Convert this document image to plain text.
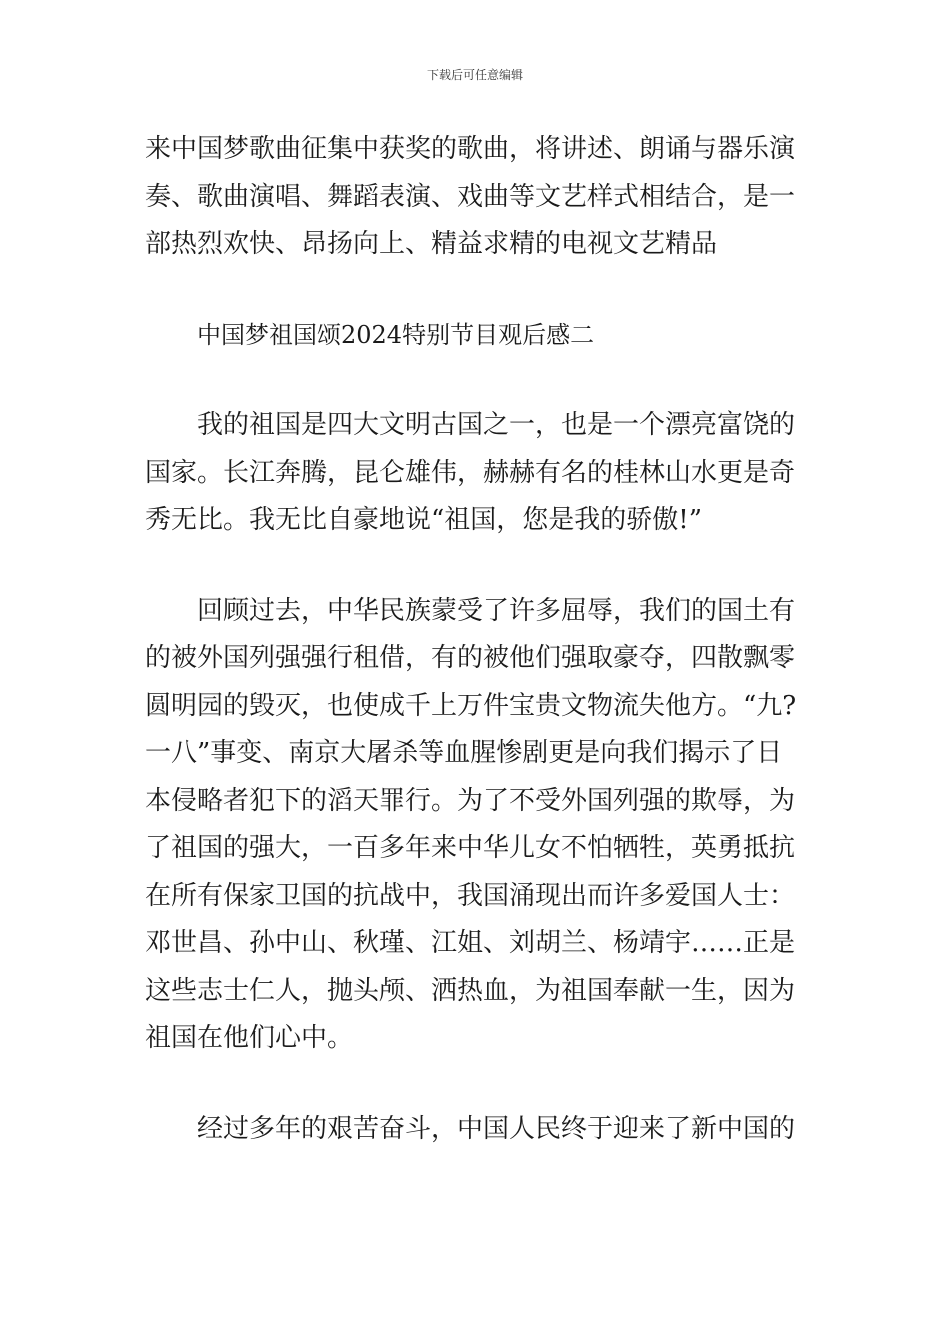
下载后可任意编辑
来中国梦歌曲征集中获奖的歌曲，将讲述、朗诵与器乐演
奏、歌曲演唱、舞蹈表演、戏曲等文艺样式相结合，是一
部热烈欢快、昂扬向上、精益求精的电视文艺精品
中国梦祖国颂2024特别节目观后感二
我的祖国是四大文明古国之一，也是一个漂亮富饶的
国家。长江奔腾，昆仑雄伟，赫赫有名的桂林山水更是奇
秀无比。我无比自豪地说“祖国，您是我的骄傲!”
回顾过去，中华民族蒙受了许多屈辱，我们的国土有
的被外国列强强行租借，有的被他们强取豪夺，四散飘零
圆明园的毁灭，也使成千上万件宝贵文物流失他方。“九?
一八”事变、南京大屠杀等血腥惨剧更是向我们揭示了日
本侵略者犯下的滔天罪行。为了不受外国列强的欺辱，为
了祖国的强大，一百多年来中华儿女不怕牺牲，英勇抵抗
在所有保家卫国的抗战中，我国涌现出而许多爱国人士：
邓世昌、孙中山、秋瑾、江姐、刘胡兰、杨靖宇……正是
这些志士仁人，抛头颅、洒热血，为祖国奉献一生，因为
祖国在他们心中。
经过多年的艰苦奋斗，中国人民终于迎来了新中国的
